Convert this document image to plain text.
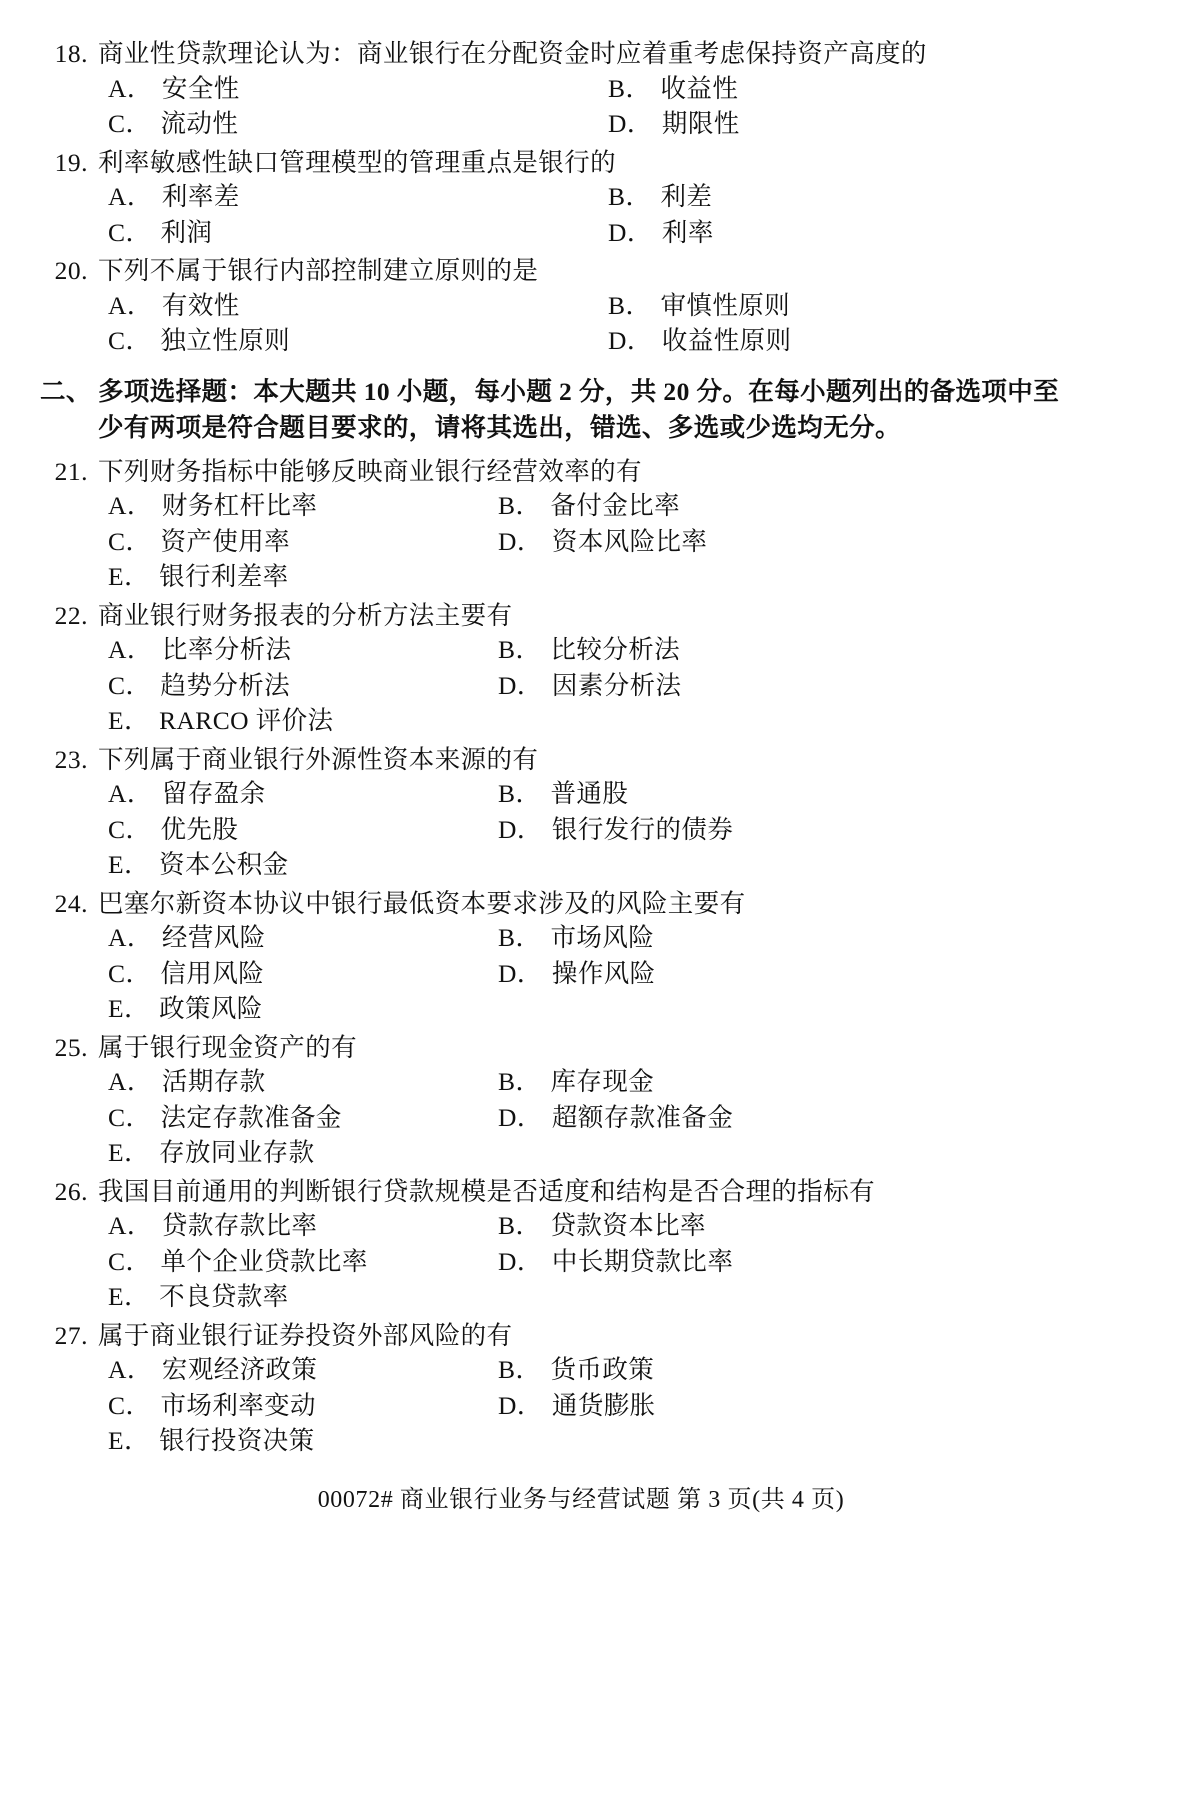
18. 商业性贷款理论认为：商业银行在分配资金时应着重考虑保持资产高度的
A． 安全性	B． 收益性
C． 流动性	D． 期限性
19. 利率敏感性缺口管理模型的管理重点是银行的
A． 利率差	B． 利差
C． 利润	D． 利率
20. 下列不属于银行内部控制建立原则的是
A． 有效性	B． 审慎性原则
C． 独立性原则	D． 收益性原则
二、 多项选择题：本大题共 10 小题，每小题 2 分，共 20 分。在每小题列出的备选项中至
少有两项是符合题目要求的，请将其选出，错选、多选或少选均无分。
21. 下列财务指标中能够反映商业银行经营效率的有
A． 财务杠杆比率	B． 备付金比率
C． 资产使用率	D． 资本风险比率
E． 银行利差率
22. 商业银行财务报表的分析方法主要有
A． 比率分析法	B． 比较分析法
C． 趋势分析法	D． 因素分析法
E． RARCO 评价法
23. 下列属于商业银行外源性资本来源的有
A． 留存盈余	B． 普通股
C． 优先股	D． 银行发行的债券
E． 资本公积金
24. 巴塞尔新资本协议中银行最低资本要求涉及的风险主要有
A． 经营风险	B． 市场风险
C． 信用风险	D． 操作风险
E． 政策风险
25. 属于银行现金资产的有
A． 活期存款	B． 库存现金
C． 法定存款准备金	D． 超额存款准备金
E． 存放同业存款
26. 我国目前通用的判断银行贷款规模是否适度和结构是否合理的指标有
A． 贷款存款比率	B． 贷款资本比率
C． 单个企业贷款比率	D． 中长期贷款比率
E． 不良贷款率
27. 属于商业银行证券投资外部风险的有
A． 宏观经济政策	B． 货币政策
C． 市场利率变动	D． 通货膨胀
E． 银行投资决策
00072# 商业银行业务与经营试题 第 3 页(共 4 页)
